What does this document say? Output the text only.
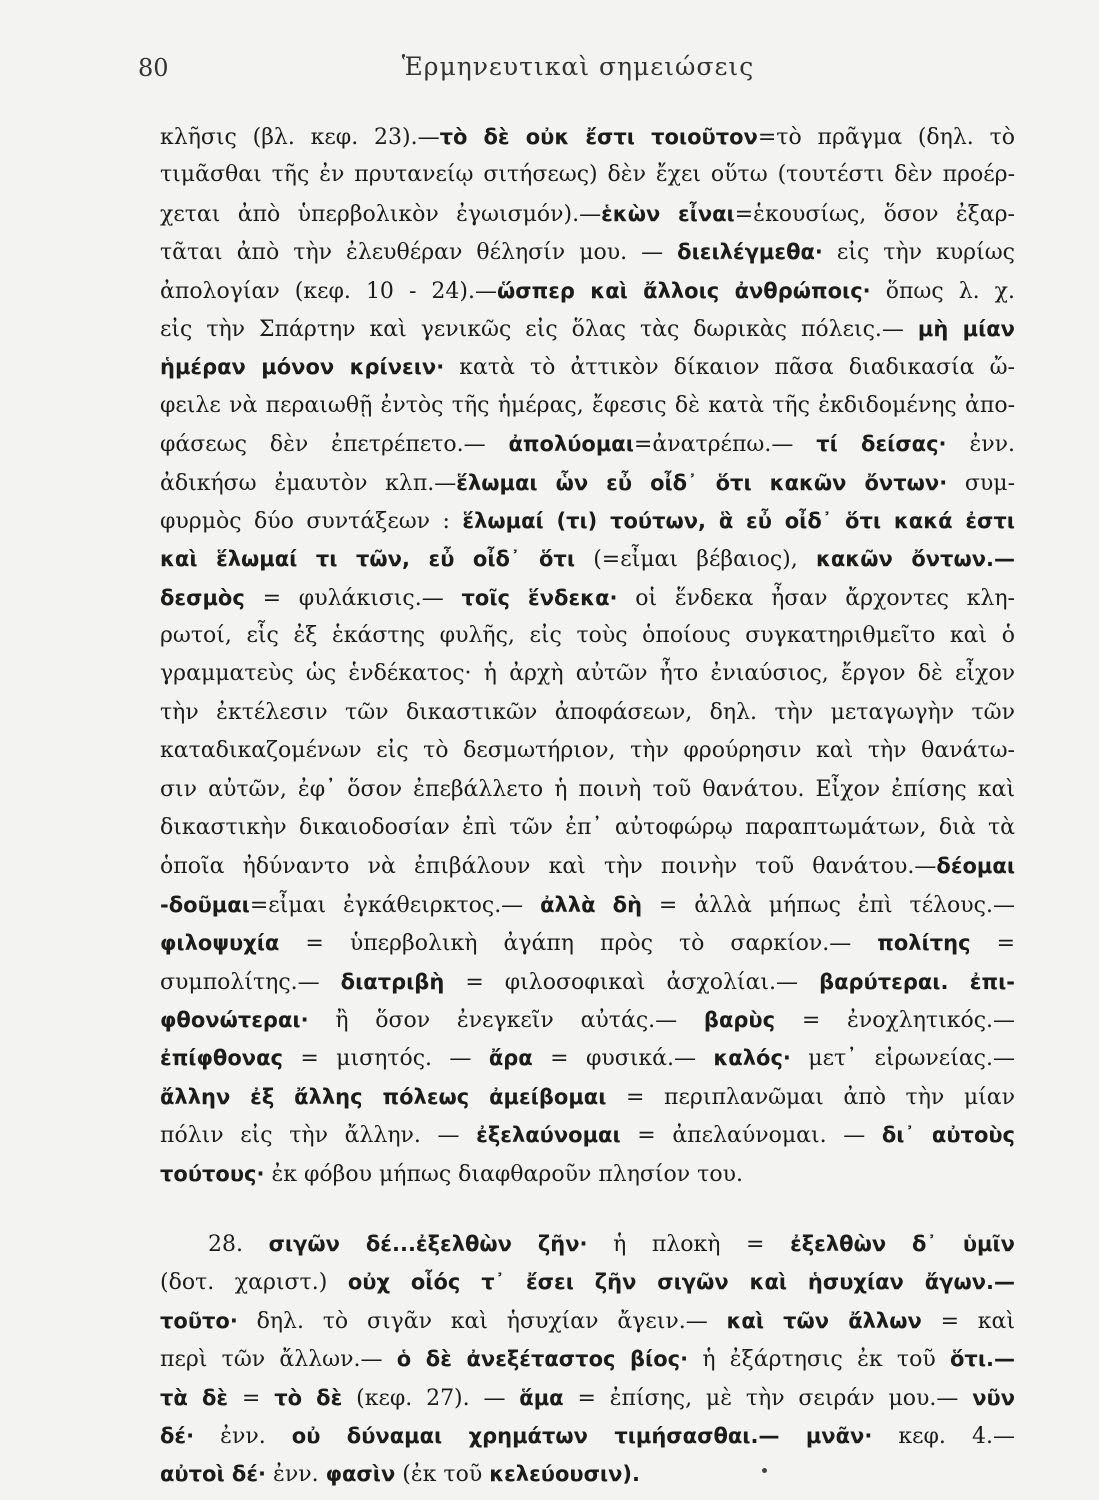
80	Ἑρμηνευτικαὶ σημειώσεις
κλῆσις (βλ. κεφ. 23).—τὸ δὲ οὐκ ἔστι τοιοῦτον=τὸ πρᾶγμα (δηλ. τὸ
τιμᾶσθαι τῆς ἐν πρυτανείῳ σιτήσεως) δὲν ἔχει οὕτω (τουτέστι δὲν προέρ-
χεται ἀπὸ ὑπερβολικὸν ἐγωισμόν).—ἑκὼν εἶναι=ἑκουσίως, ὅσον ἐξαρ-
τᾶται ἀπὸ τὴν ἐλευθέραν θέλησίν μου. — διειλέγμεθα· εἰς τὴν κυρίως
ἀπολογίαν (κεφ. 10 - 24).—ὥσπερ καὶ ἄλλοις ἀνθρώποις· ὅπως λ. χ.
εἰς τὴν Σπάρτην καὶ γενικῶς εἰς ὅλας τὰς δωρικὰς πόλεις.— μὴ μίαν
ἡμέραν μόνον κρίνειν· κατὰ τὸ ἀττικὸν δίκαιον πᾶσα διαδικασία ὤ-
φειλε νὰ περαιωθῇ ἐντὸς τῆς ἡμέρας, ἔφεσις δὲ κατὰ τῆς ἐκδιδομένης ἀπο-
φάσεως δὲν ἐπετρέπετο.— ἀπολύομαι=ἀνατρέπω.— τί δείσας· ἐνν.
ἀδικήσω ἐμαυτὸν κλπ.—ἕλωμαι ὧν εὖ οἶδ᾽ ὅτι κακῶν ὄντων· συμ-
φυρμὸς δύο συντάξεων : ἕλωμαί (τι) τούτων, ἃ εὖ οἶδ᾽ ὅτι κακά ἐστι
καὶ ἕλωμαί τι τῶν, εὖ οἶδ᾽ ὅτι (=εἶμαι βέβαιος), κακῶν ὄντων.—
δεσμὸς = φυλάκισις.— τοῖς ἕνδεκα· οἱ ἕνδεκα ἦσαν ἄρχοντες κλη-
ρωτοί, εἷς ἐξ ἑκάστης φυλῆς, εἰς τοὺς ὁποίους συγκατηριθμεῖτο καὶ ὁ
γραμματεὺς ὡς ἑνδέκατος· ἡ ἀρχὴ αὐτῶν ἦτο ἐνιαύσιος, ἔργον δὲ εἶχον
τὴν ἐκτέλεσιν τῶν δικαστικῶν ἀποφάσεων, δηλ. τὴν μεταγωγὴν τῶν
καταδικαζομένων εἰς τὸ δεσμωτήριον, τὴν φρούρησιν καὶ τὴν θανάτω-
σιν αὐτῶν, ἐφ᾽ ὅσον ἐπεβάλλετο ἡ ποινὴ τοῦ θανάτου. Εἶχον ἐπίσης καὶ
δικαστικὴν δικαιοδοσίαν ἐπὶ τῶν ἐπ᾽ αὐτοφώρῳ παραπτωμάτων, διὰ τὰ
ὁποῖα ἠδύναντο νὰ ἐπιβάλουν καὶ τὴν ποινὴν τοῦ θανάτου.—δέομαι
-δοῦμαι=εἶμαι ἐγκάθειρκτος.— ἀλλὰ δὴ = ἀλλὰ μήπως ἐπὶ τέλους.—
φιλοψυχία = ὑπερβολικὴ ἀγάπη πρὸς τὸ σαρκίον.— πολίτης =
συμπολίτης.— διατριβὴ = φιλοσοφικαὶ ἀσχολίαι.— βαρύτεραι. ἐπι-
φθονώτεραι· ἢ ὅσον ἐνεγκεῖν αὐτάς.— βαρὺς = ἐνοχλητικός.—
ἐπίφθονας = μισητός. — ἄρα = φυσικά.— καλός· μετ᾽ εἰρωνείας.—
ἄλλην ἐξ ἄλλης πόλεως ἀμείβομαι = περιπλανῶμαι ἀπὸ τὴν μίαν
πόλιν εἰς τὴν ἄλλην. — ἐξελαύνομαι = ἀπελαύνομαι. — δι᾽ αὐτοὺς
τούτους· ἐκ φόβου μήπως διαφθαροῦν πλησίον του.
28. σιγῶν δέ...ἐξελθὼν ζῆν· ἡ πλοκὴ = ἐξελθὼν δ᾽ ὑμῖν
(δοτ. χαριστ.) οὐχ οἷός τ᾽ ἔσει ζῆν σιγῶν καὶ ἡσυχίαν ἄγων.—
τοῦτο· δηλ. τὸ σιγᾶν καὶ ἡσυχίαν ἄγειν.— καὶ τῶν ἄλλων = καὶ
περὶ τῶν ἄλλων.— ὁ δὲ ἀνεξέταστος βίος· ἡ ἐξάρτησις ἐκ τοῦ ὅτι.—
τὰ δὲ = τὸ δὲ (κεφ. 27). — ἅμα = ἐπίσης, μὲ τὴν σειράν μου.— νῦν
δέ· ἐνν. οὐ δύναμαι χρημάτων τιμήσασθαι.— μνᾶν· κεφ. 4.—
αὐτοὶ δέ· ἐνν. φασὶν (ἐκ τοῦ κελεύουσιν).
